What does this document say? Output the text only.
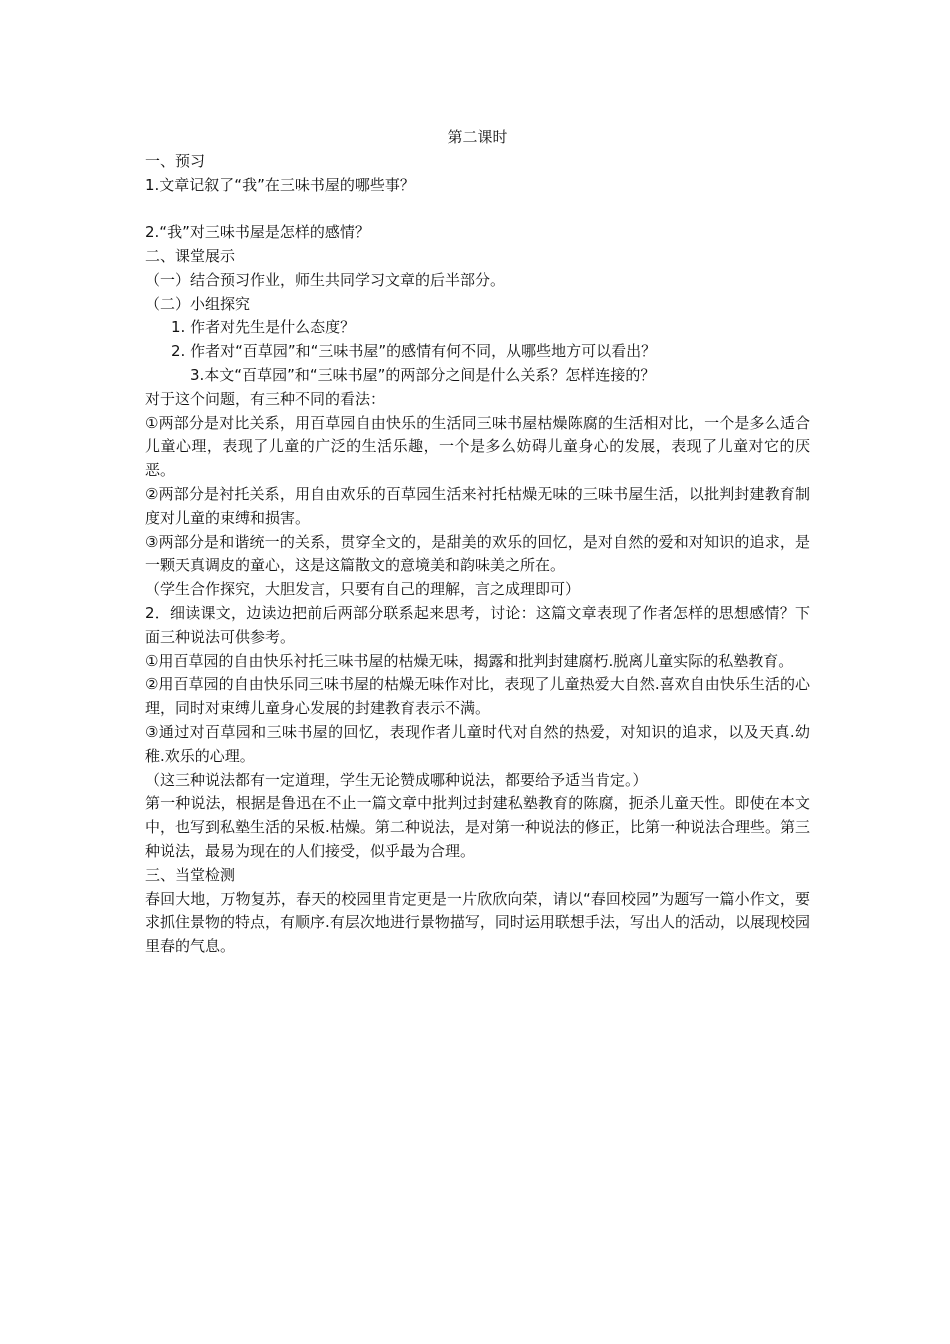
第二课时

一、预习

1.文章记叙了“我”在三味书屋的哪些事？

2.“我”对三味书屋是怎样的感情？

二、课堂展示

（一）结合预习作业，师生共同学习文章的后半部分。

（二）小组探究

1. 作者对先生是什么态度？

2. 作者对“百草园”和“三味书屋”的感情有何不同，从哪些地方可以看出？

3.本文“百草园”和“三味书屋”的两部分之间是什么关系？怎样连接的？

对于这个问题，有三种不同的看法：

①两部分是对比关系，用百草园自由快乐的生活同三味书屋枯燥陈腐的生活相对比，一个是多么适合儿童心理，表现了儿童的广泛的生活乐趣，一个是多么妨碍儿童身心的发展，表现了儿童对它的厌恶。

②两部分是衬托关系，用自由欢乐的百草园生活来衬托枯燥无味的三味书屋生活，以批判封建教育制度对儿童的束缚和损害。

③两部分是和谐统一的关系，贯穿全文的，是甜美的欢乐的回忆，是对自然的爱和对知识的追求，是一颗天真调皮的童心，这是这篇散文的意境美和韵味美之所在。

（学生合作探究，大胆发言，只要有自己的理解，言之成理即可）

2．细读课文，边读边把前后两部分联系起来思考，讨论：这篇文章表现了作者怎样的思想感情？下面三种说法可供参考。

①用百草园的自由快乐衬托三味书屋的枯燥无味，揭露和批判封建腐朽.脱离儿童实际的私塾教育。

②用百草园的自由快乐同三味书屋的枯燥无味作对比，表现了儿童热爱大自然.喜欢自由快乐生活的心理，同时对束缚儿童身心发展的封建教育表示不满。

③通过对百草园和三味书屋的回忆，表现作者儿童时代对自然的热爱，对知识的追求，以及天真.幼稚.欢乐的心理。

（这三种说法都有一定道理，学生无论赞成哪种说法，都要给予适当肯定。）

第一种说法，根据是鲁迅在不止一篇文章中批判过封建私塾教育的陈腐，扼杀儿童天性。即使在本文中，也写到私塾生活的呆板.枯燥。第二种说法，是对第一种说法的修正，比第一种说法合理些。第三种说法，最易为现在的人们接受，似乎最为合理。

三、当堂检测

春回大地，万物复苏，春天的校园里肯定更是一片欣欣向荣，请以“春回校园”为题写一篇小作文，要求抓住景物的特点，有顺序.有层次地进行景物描写，同时运用联想手法，写出人的活动，以展现校园里春的气息。
